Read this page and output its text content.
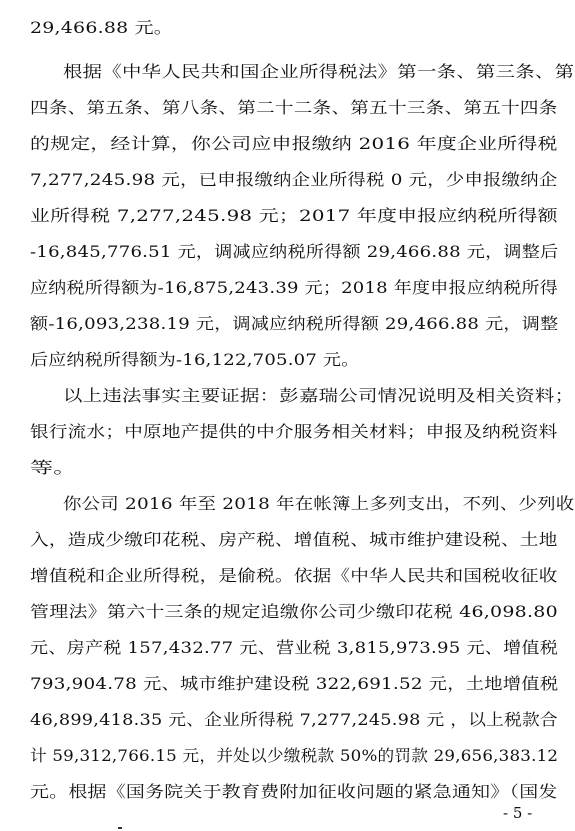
29,466.88 元。
根据《中华人民共和国企业所得税法》第一条、第三条、第
四条、第五条、第八条、第二十二条、第五十三条、第五十四条
的规定，经计算，你公司应申报缴纳 2016 年度企业所得税
7,277,245.98 元，已申报缴纳企业所得税 0 元，少申报缴纳企
业所得税 7,277,245.98 元；2017 年度申报应纳税所得额
-16,845,776.51 元，调减应纳税所得额 29,466.88 元，调整后
应纳税所得额为-16,875,243.39 元；2018 年度申报应纳税所得
额-16,093,238.19 元，调减应纳税所得额 29,466.88 元，调整
后应纳税所得额为-16,122,705.07 元。
以上违法事实主要证据：彭嘉瑞公司情况说明及相关资料；
银行流水；中原地产提供的中介服务相关材料；申报及纳税资料
等。
你公司 2016 年至 2018 年在帐簿上多列支出，不列、少列收
入，造成少缴印花税、房产税、增值税、城市维护建设税、土地
增值税和企业所得税，是偷税。依据《中华人民共和国税收征收
管理法》第六十三条的规定追缴你公司少缴印花税 46,098.80
元、房产税 157,432.77 元、营业税 3,815,973.95 元、增值税
793,904.78 元、城市维护建设税 322,691.52 元，土地增值税
46,899,418.35 元、企业所得税 7,277,245.98 元 ，以上税款合
计 59,312,766.15 元，并处以少缴税款 50%的罚款 29,656,383.12
元。根据《国务院关于教育费附加征收问题的紧急通知》（国发
- 5 -
